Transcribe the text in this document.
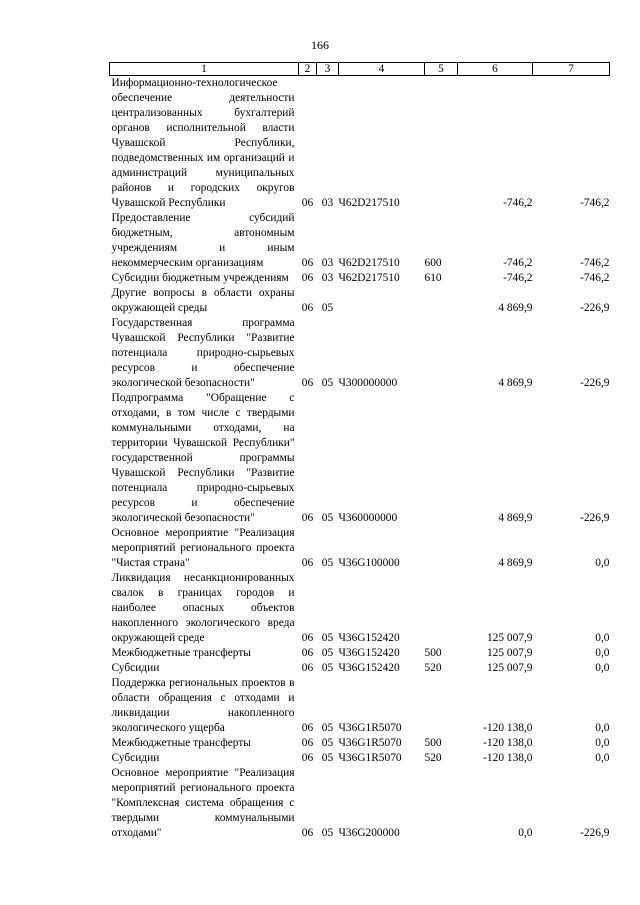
166
1	2	3	4	5	6	7
Информационно-технологическое обеспечение деятельности централизованных бухгалтерий органов исполнительной власти Чувашской Республики, подведомственных им организаций и администраций муниципальных районов и городских округов Чувашской Республики	06	03	Ч62D217510		-746,2	-746,2
Предоставление субсидий бюджетным, автономным учреждениям и иным некоммерческим организациям	06	03	Ч62D217510	600	-746,2	-746,2
Субсидии бюджетным учреждениям	06	03	Ч62D217510	610	-746,2	-746,2
Другие вопросы в области охраны окружающей среды	06	05			4 869,9	-226,9
Государственная программа Чувашской Республики "Развитие потенциала природно-сырьевых ресурсов и обеспечение экологической безопасности"	06	05	Ч300000000		4 869,9	-226,9
Подпрограмма "Обращение с отходами, в том числе с твердыми коммунальными отходами, на территории Чувашской Республики" государственной программы Чувашской Республики "Развитие потенциала природно-сырьевых ресурсов и обеспечение экологической безопасности"	06	05	Ч360000000		4 869,9	-226,9
Основное мероприятие "Реализация мероприятий регионального проекта "Чистая страна"	06	05	Ч36G100000		4 869,9	0,0
Ликвидация несанкционированных свалок в границах городов и наиболее опасных объектов накопленного экологического вреда окружающей среде	06	05	Ч36G152420		125 007,9	0,0
Межбюджетные трансферты	06	05	Ч36G152420	500	125 007,9	0,0
Субсидии	06	05	Ч36G152420	520	125 007,9	0,0
Поддержка региональных проектов в области обращения с отходами и ликвидации накопленного экологического ущерба	06	05	Ч36G1R5070		-120 138,0	0,0
Межбюджетные трансферты	06	05	Ч36G1R5070	500	-120 138,0	0,0
Субсидии	06	05	Ч36G1R5070	520	-120 138,0	0,0
Основное мероприятие "Реализация мероприятий регионального проекта "Комплексная система обращения с твердыми коммунальными отходами"	06	05	Ч36G200000		0,0	-226,9
